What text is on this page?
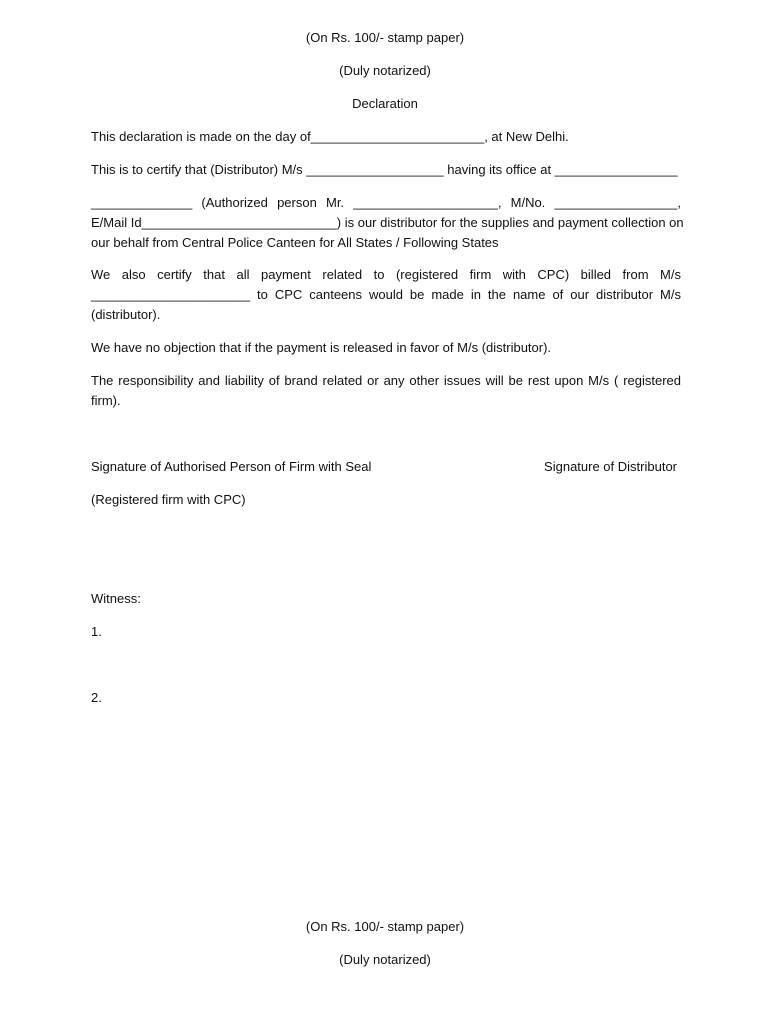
(On Rs. 100/- stamp paper)
(Duly notarized)
Declaration
This declaration is made on the day of________________________, at New Delhi.
This is to certify that (Distributor) M/s ___________________ having its office at _________________
______________ (Authorized person Mr. ____________________, M/No. _________________,
E/Mail Id___________________________) is our distributor for the supplies and payment collection on
our behalf from Central Police Canteen for All States / Following States
We also certify that all payment related to (registered firm with CPC) billed from M/s
______________________ to CPC canteens would be made in the name of our distributor M/s
(distributor).
We have no objection that if the payment is released in favor of M/s (distributor).
The responsibility and liability of brand related or any other issues will be rest upon M/s ( registered
firm).
Signature of Authorised Person of Firm with Seal	Signature of Distributor
(Registered firm with CPC)
Witness:
1.
2.
(On Rs. 100/- stamp paper)
(Duly notarized)
